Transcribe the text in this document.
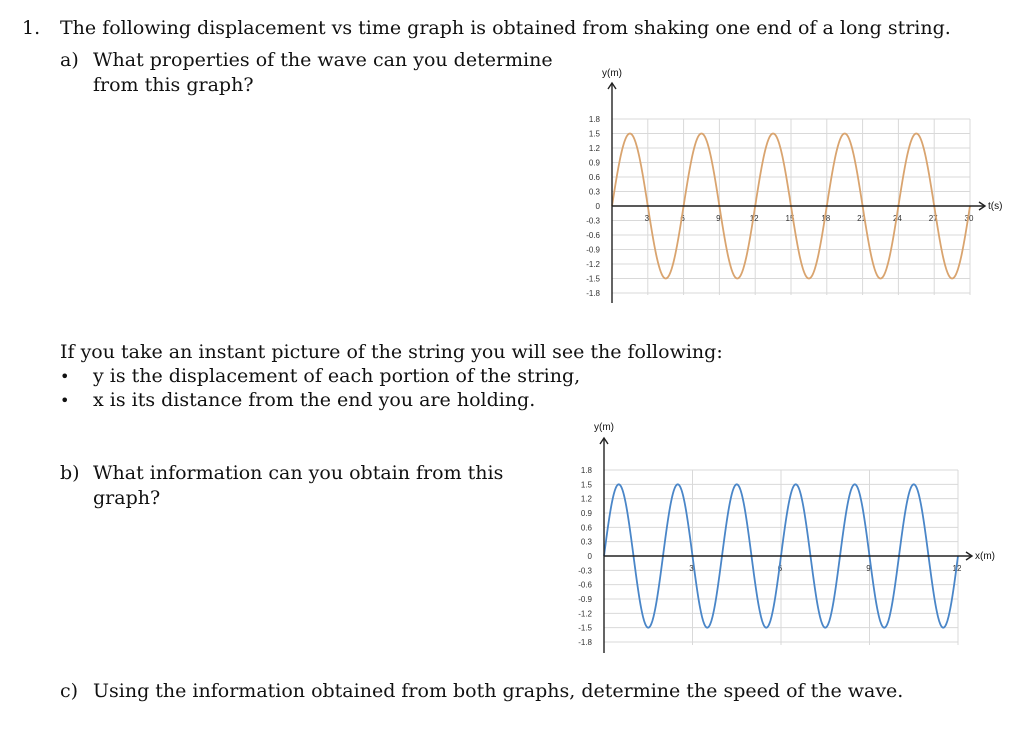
1. The following displacement vs time graph is obtained from shaking one end of a long string.
a) What properties of the wave can you determine
from this graph?
1.8
1.5
1.2
0.9
0.6
0.3
0
-0.3
-0.6
-0.9
-1.2
-1.5
-1.8
3	6	9	12	15	18	21	24	27	30
y(m)
t(s)
If you take an instant picture of the string you will see the following:
• y is the displacement of each portion of the string,
• x is its distance from the end you are holding.
b) What information can you obtain from this
graph?
1.8
1.5
1.2
0.9
0.6
0.3
0
-0.3
-0.6
-0.9
-1.2
-1.5
-1.8
3	6	9	12
y(m)
x(m)
c) Using the information obtained from both graphs, determine the speed of the wave.
